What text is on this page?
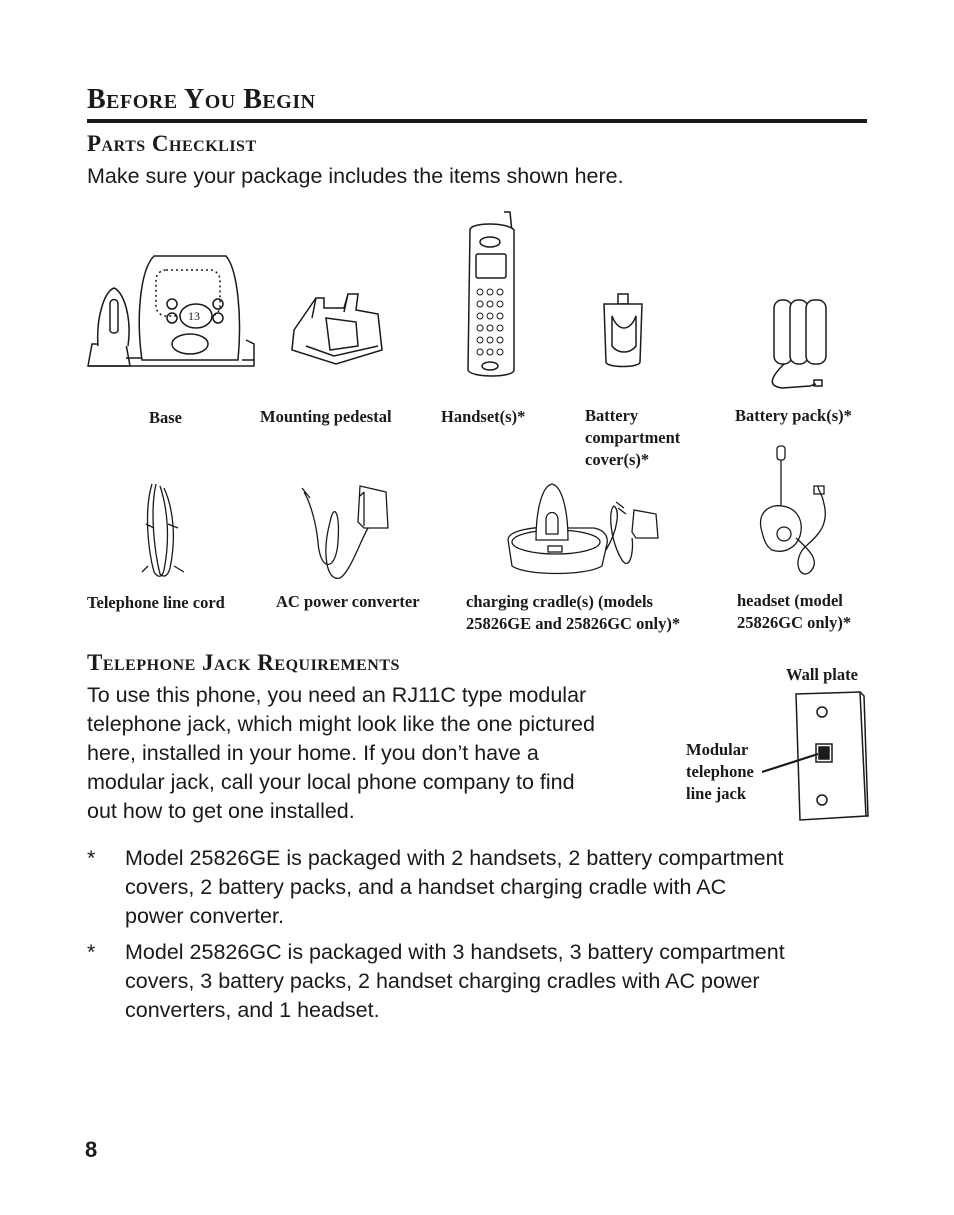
Before You Begin
Parts Checklist
Make sure your package includes the items shown here.
13
Base	Mounting pedestal	Handset(s)*	Battery
compartment
cover(s)*
Battery pack(s)*
Telephone line cord	AC power converter	charging cradle(s) (models
25826GE and 25826GC only)*
headset (model
25826GC only)*
Telephone Jack Requirements
To use this phone, you need an RJ11C type modular
telephone jack, which might look like the one pictured
here, installed in your home. If you don’t have a
modular jack, call your local phone company to find
out how to get one installed.
Wall plate
Modular
telephone
line jack
* Model 25826GE is packaged with 2 handsets, 2 battery compartment
covers, 2 battery packs, and a handset charging cradle with AC
power converter.
* Model 25826GC is packaged with 3 handsets, 3 battery compartment
covers, 3 battery packs, 2 handset charging cradles with AC power
converters, and 1 headset.
8
